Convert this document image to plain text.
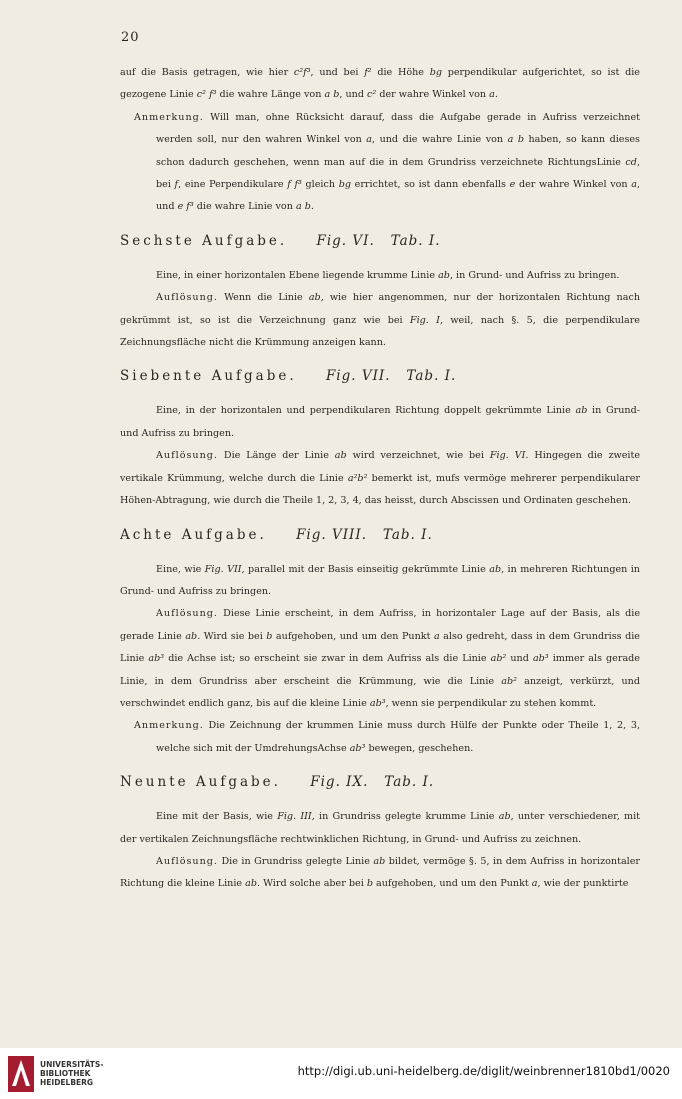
20

auf die Basis getragen, wie hier c²f³, und bei f² die Höhe bg perpendikular aufgerichtet, so ist die gezogene Linie c² f³ die wahre Länge von a b, und c² der wahre Winkel von a.

Anmerkung. Will man, ohne Rücksicht darauf, dass die Aufgabe gerade in Aufriss verzeichnet werden soll, nur den wahren Winkel von a, und die wahre Linie von a b haben, so kann dieses schon dadurch geschehen, wenn man auf die in dem Grundriss verzeichnete RichtungsLinie cd, bei f, eine Perpendikulare f f³ gleich bg errichtet, so ist dann ebenfalls e der wahre Winkel von a, und e f³ die wahre Linie von a b.

Sechste Aufgabe. Fig. VI.   Tab. I.

Eine, in einer horizontalen Ebene liegende krumme Linie ab, in Grund- und Aufriss zu bringen.

Auflösung. Wenn die Linie ab, wie hier angenommen, nur der horizontalen Richtung nach gekrümmt ist, so ist die Verzeichnung ganz wie bei Fig. I, weil, nach §. 5, die perpendikulare Zeichnungsfläche nicht die Krümmung anzeigen kann.

Siebente Aufgabe. Fig. VII.   Tab. I.

Eine, in der horizontalen und perpendikularen Richtung doppelt gekrümmte Linie ab in Grund- und Aufriss zu bringen.

Auflösung. Die Länge der Linie ab wird verzeichnet, wie bei Fig. VI. Hingegen die zweite vertikale Krümmung, welche durch die Linie a²b² bemerkt ist, mufs vermöge mehrerer perpendikularer Höhen-Abtragung, wie durch die Theile 1, 2, 3, 4, das heisst, durch Abscissen und Ordinaten geschehen.

Achte Aufgabe. Fig. VIII.   Tab. I.

Eine, wie Fig. VII, parallel mit der Basis einseitig gekrümmte Linie ab, in mehreren Richtungen in Grund- und Aufriss zu bringen.

Auflösung. Diese Linie erscheint, in dem Aufriss, in horizontaler Lage auf der Basis, als die gerade Linie ab. Wird sie bei b aufgehoben, und um den Punkt a also gedreht, dass in dem Grundriss die Linie ab³ die Achse ist; so erscheint sie zwar in dem Aufriss als die Linie ab² und ab³ immer als gerade Linie, in dem Grundriss aber erscheint die Krümmung, wie die Linie ab² anzeigt, verkürzt, und verschwindet endlich ganz, bis auf die kleine Linie ab³, wenn sie perpendikular zu stehen kommt.

Anmerkung. Die Zeichnung der krummen Linie muss durch Hülfe der Punkte oder Theile 1, 2, 3, welche sich mit der UmdrehungsAchse ab³ bewegen, geschehen.

Neunte Aufgabe. Fig. IX.   Tab. I.

Eine mit der Basis, wie Fig. III, in Grundriss gelegte krumme Linie ab, unter verschiedener, mit der vertikalen Zeichnungsfläche rechtwinklichen Richtung, in Grund- und Aufriss zu zeichnen.

Auflösung. Die in Grundriss gelegte Linie ab bildet, vermöge §. 5, in dem Aufriss in horizontaler Richtung die kleine Linie ab. Wird solche aber bei b aufgehoben, und um den Punkt a, wie der punktirte

UNIVERSITÄTS-
BIBLIOTHEK
HEIDELBERG
http://digi.ub.uni-heidelberg.de/diglit/weinbrenner1810bd1/0020
